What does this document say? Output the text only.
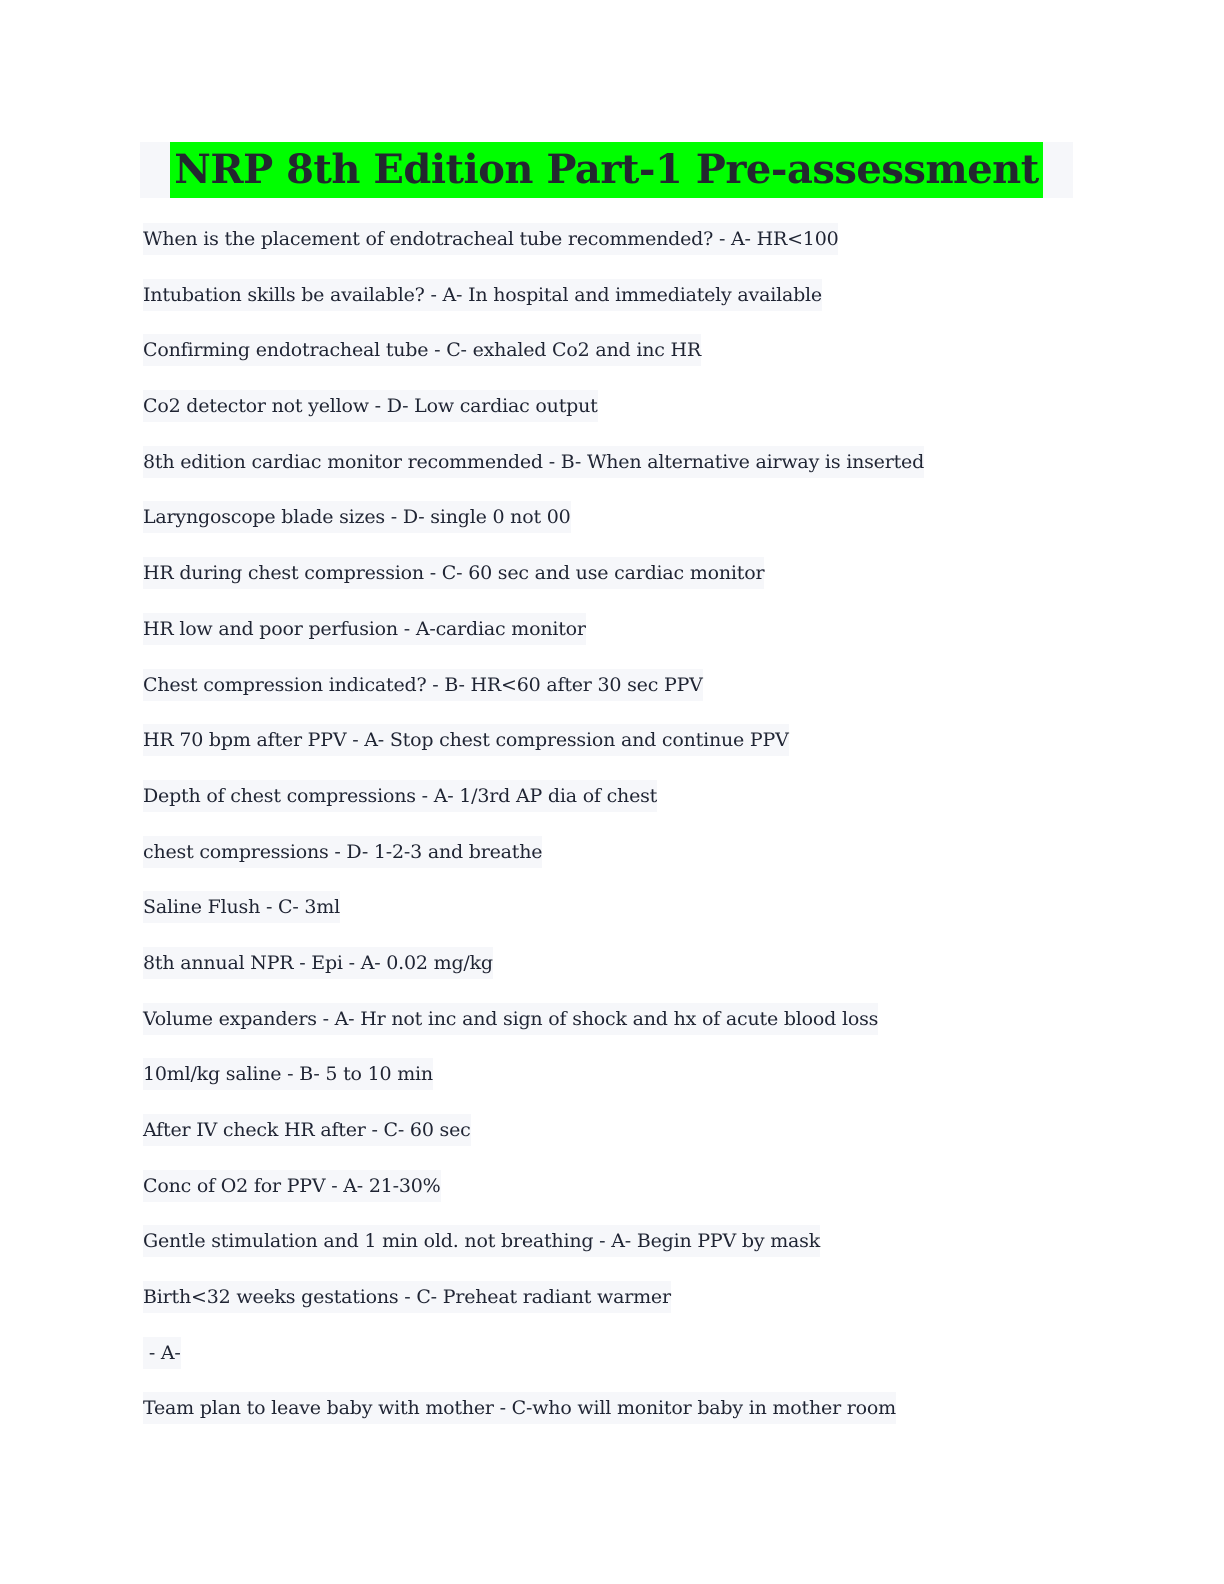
NRP 8th Edition Part-1 Pre-assessment
When is the placement of endotracheal tube recommended? - A- HR<100
Intubation skills be available? - A- In hospital and immediately available
Confirming endotracheal tube - C- exhaled Co2 and inc HR
Co2 detector not yellow - D- Low cardiac output
8th edition cardiac monitor recommended - B- When alternative airway is inserted
Laryngoscope blade sizes - D- single 0 not 00
HR during chest compression - C- 60 sec and use cardiac monitor
HR low and poor perfusion - A-cardiac monitor
Chest compression indicated? - B- HR<60 after 30 sec PPV
HR 70 bpm after PPV - A- Stop chest compression and continue PPV
Depth of chest compressions - A- 1/3rd AP dia of chest
chest compressions - D- 1-2-3 and breathe
Saline Flush - C- 3ml
8th annual NPR - Epi - A- 0.02 mg/kg
Volume expanders - A- Hr not inc and sign of shock and hx of acute blood loss
10ml/kg saline - B- 5 to 10 min
After IV check HR after - C- 60 sec
Conc of O2 for PPV - A- 21-30%
Gentle stimulation and 1 min old. not breathing - A- Begin PPV by mask
Birth<32 weeks gestations - C- Preheat radiant warmer
- A-
Team plan to leave baby with mother - C-who will monitor baby in mother room
